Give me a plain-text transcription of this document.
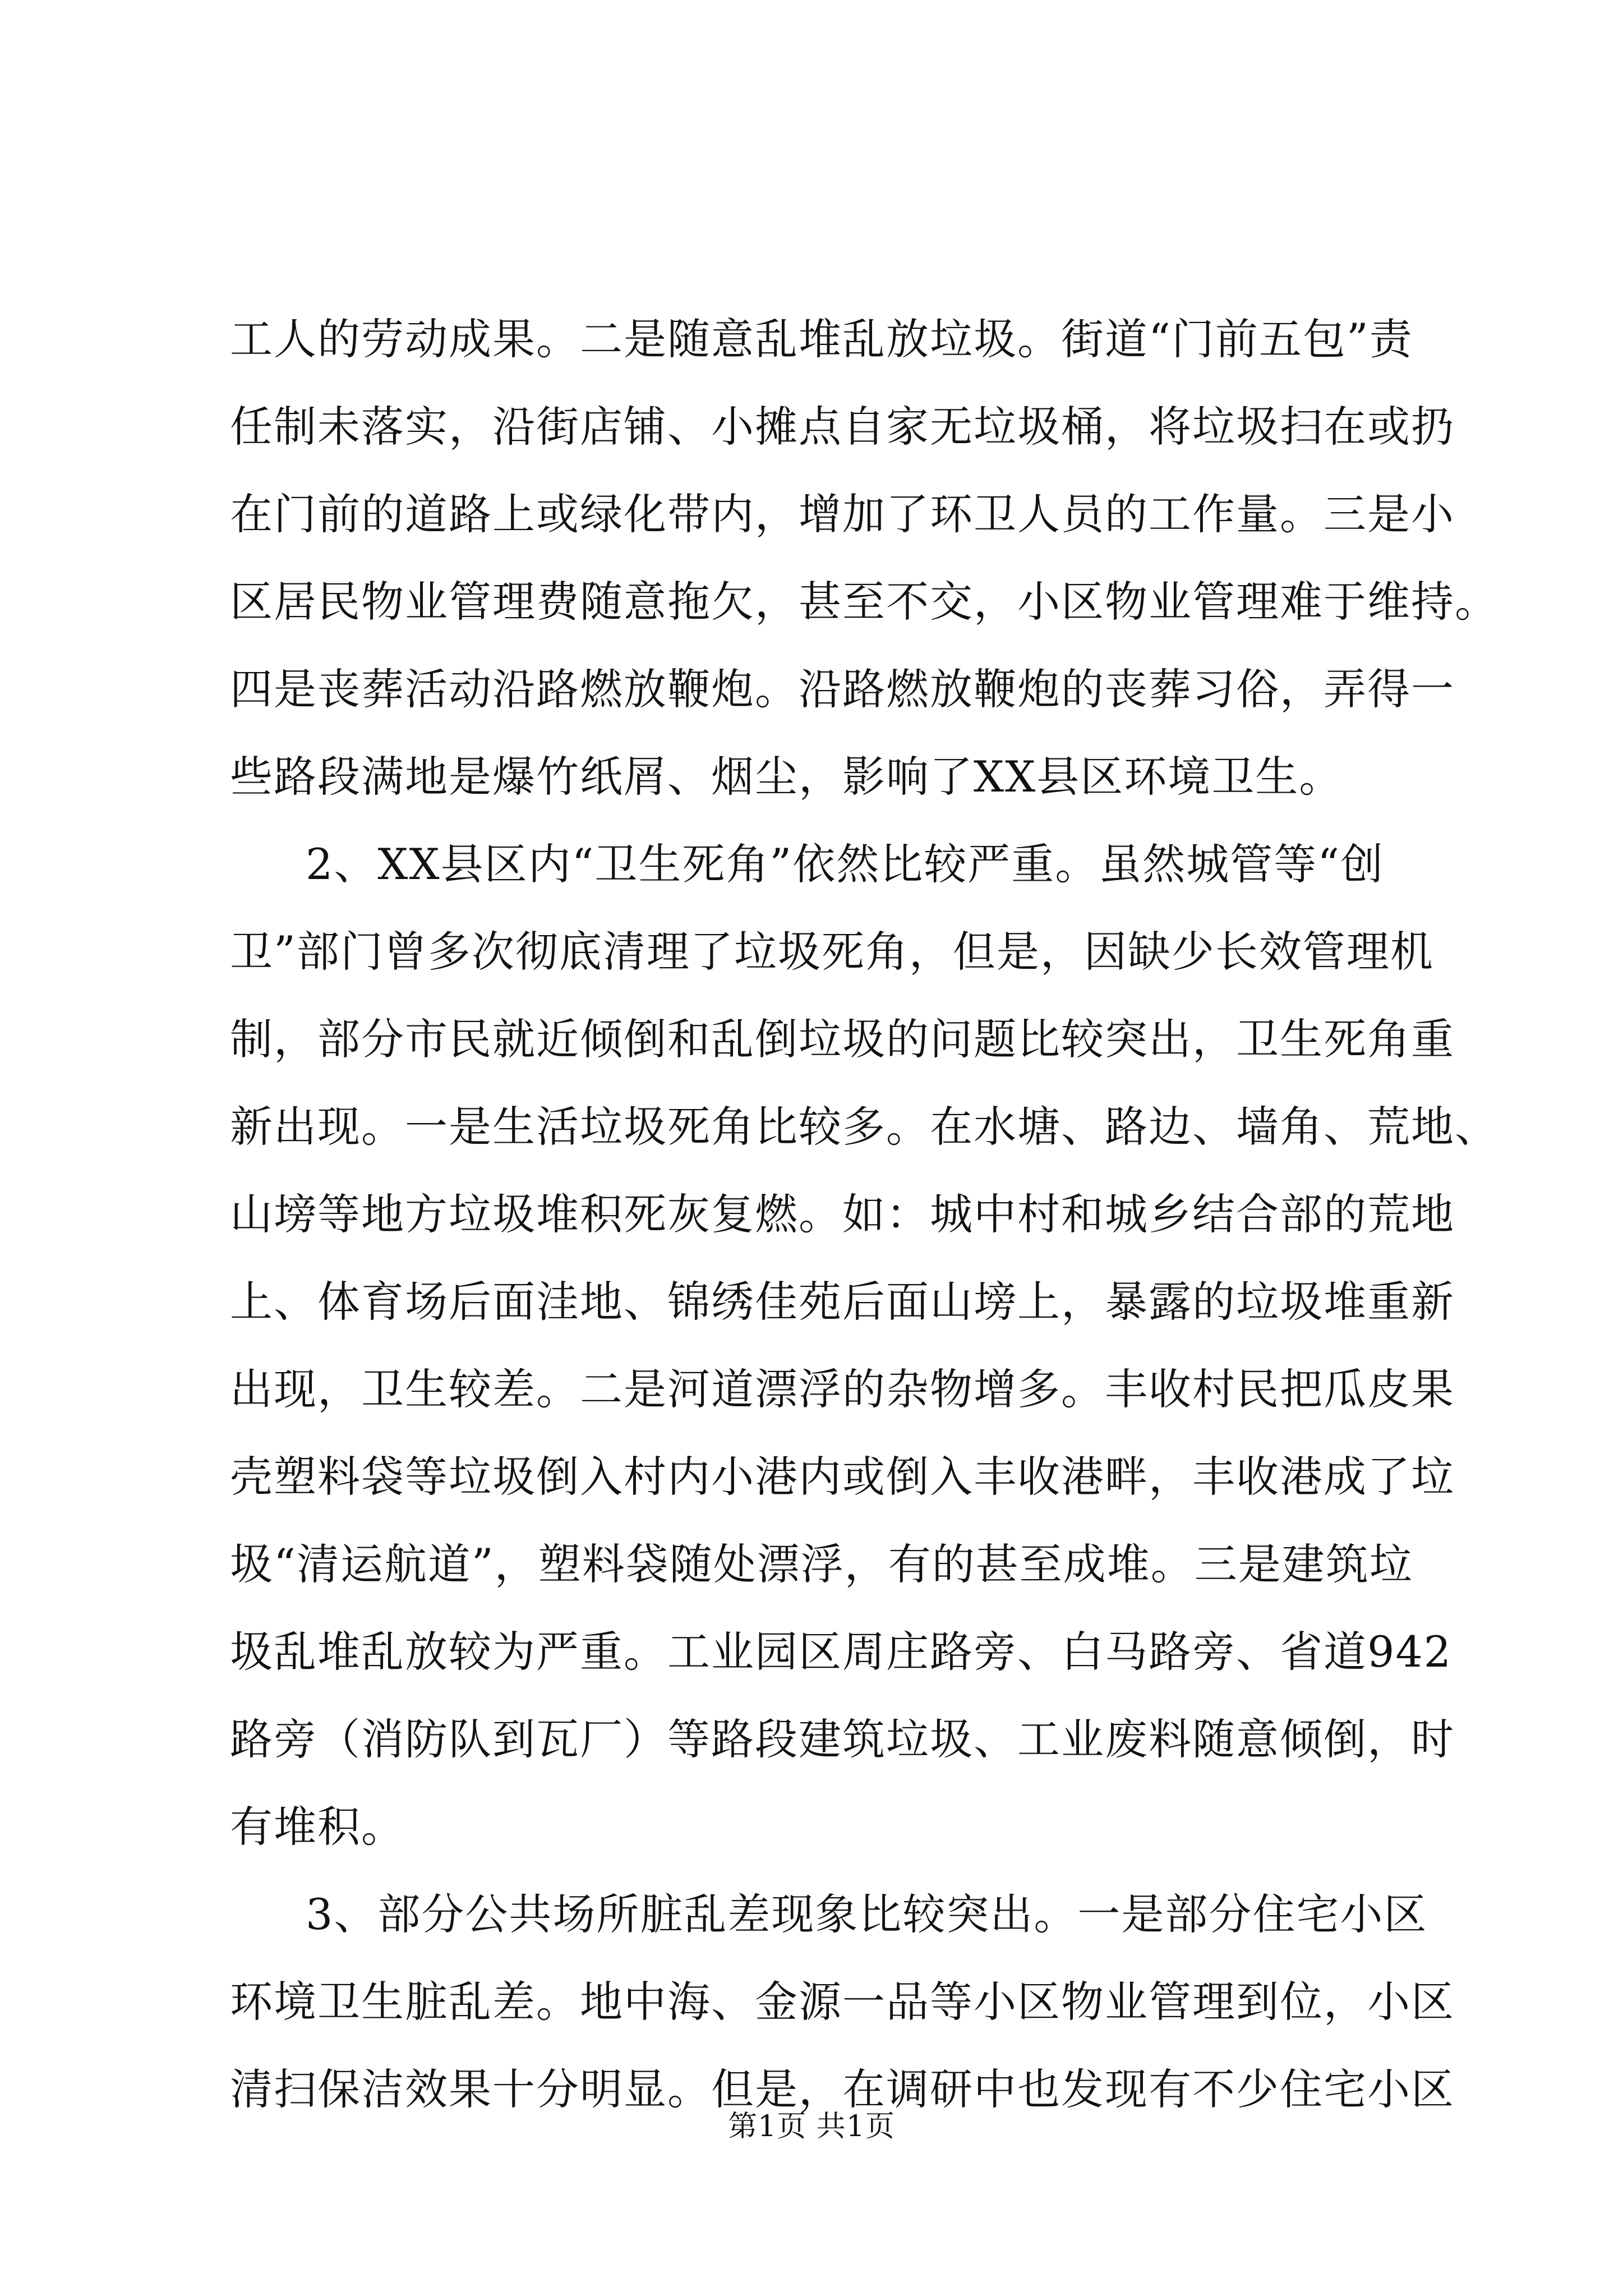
工人的劳动成果。二是随意乱堆乱放垃圾。街道“门前五包”责
任制未落实，沿街店铺、小摊点自家无垃圾桶，将垃圾扫在或扔
在门前的道路上或绿化带内，增加了环卫人员的工作量。三是小
区居民物业管理费随意拖欠，甚至不交，小区物业管理难于维持。
四是丧葬活动沿路燃放鞭炮。沿路燃放鞭炮的丧葬习俗，弄得一
些路段满地是爆竹纸屑、烟尘，影响了XX县区环境卫生。
2、XX县区内“卫生死角”依然比较严重。虽然城管等“创
卫”部门曾多次彻底清理了垃圾死角，但是，因缺少长效管理机
制，部分市民就近倾倒和乱倒垃圾的问题比较突出，卫生死角重
新出现。一是生活垃圾死角比较多。在水塘、路边、墙角、荒地、
山塝等地方垃圾堆积死灰复燃。如：城中村和城乡结合部的荒地
上、体育场后面洼地、锦绣佳苑后面山塝上，暴露的垃圾堆重新
出现，卫生较差。二是河道漂浮的杂物增多。丰收村民把瓜皮果
壳塑料袋等垃圾倒入村内小港内或倒入丰收港畔，丰收港成了垃
圾“清运航道”，塑料袋随处漂浮，有的甚至成堆。三是建筑垃
圾乱堆乱放较为严重。工业园区周庄路旁、白马路旁、省道942
路旁（消防队到瓦厂）等路段建筑垃圾、工业废料随意倾倒，时
有堆积。
3、部分公共场所脏乱差现象比较突出。一是部分住宅小区
环境卫生脏乱差。地中海、金源一品等小区物业管理到位，小区
清扫保洁效果十分明显。但是，在调研中也发现有不少住宅小区
第1页 共1页
